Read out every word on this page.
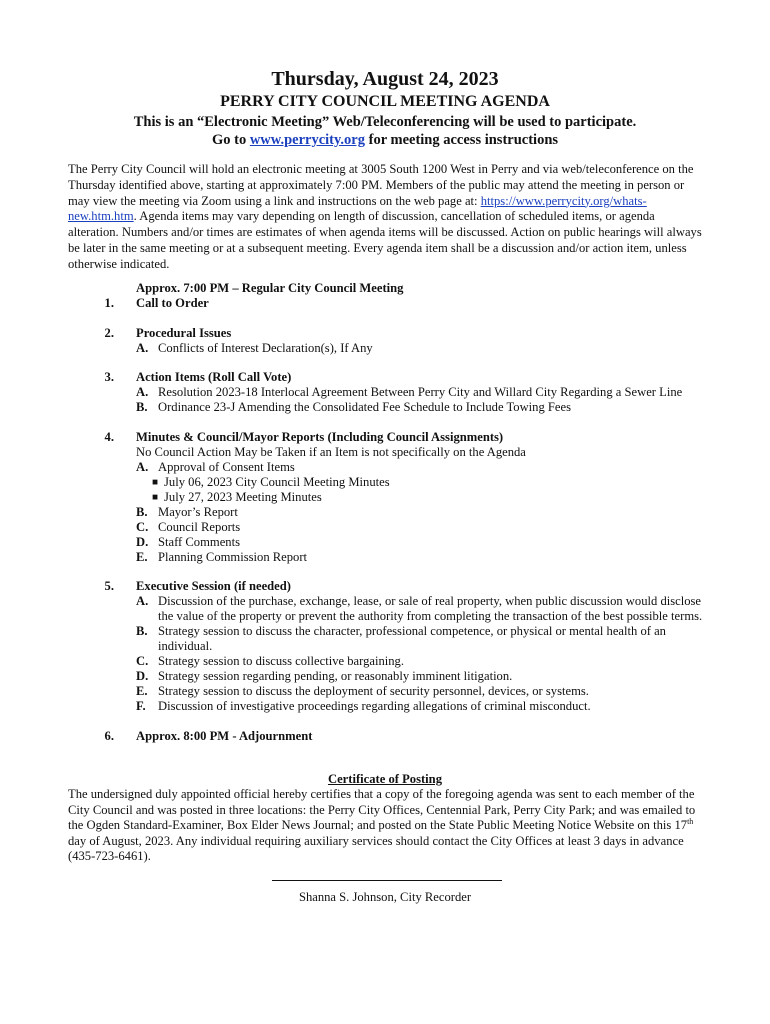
Thursday, August 24, 2023
PERRY CITY COUNCIL MEETING AGENDA
This is an “Electronic Meeting” Web/Teleconferencing will be used to participate.
Go to www.perrycity.org for meeting access instructions
The Perry City Council will hold an electronic meeting at 3005 South 1200 West in Perry and via web/teleconference on the Thursday identified above, starting at approximately 7:00 PM. Members of the public may attend the meeting in person or may view the meeting via Zoom using a link and instructions on the web page at: https://www.perrycity.org/whats-new.htm.htm. Agenda items may vary depending on length of discussion, cancellation of scheduled items, or agenda alteration. Numbers and/or times are estimates of when agenda items will be discussed. Action on public hearings will always be later in the same meeting or at a subsequent meeting. Every agenda item shall be a discussion and/or action item, unless otherwise indicated.
Approx. 7:00 PM – Regular City Council Meeting
1.	Call to Order
2.	Procedural Issues
A. Conflicts of Interest Declaration(s), If Any
3.	Action Items (Roll Call Vote)
A. Resolution 2023-18 Interlocal Agreement Between Perry City and Willard City Regarding a Sewer Line
B. Ordinance 23-J Amending the Consolidated Fee Schedule to Include Towing Fees
4.	Minutes & Council/Mayor Reports (Including Council Assignments)
No Council Action May be Taken if an Item is not specifically on the Agenda
A. Approval of Consent Items
■ July 06, 2023 City Council Meeting Minutes
■ July 27, 2023 Meeting Minutes
B. Mayor’s Report
C. Council Reports
D. Staff Comments
E. Planning Commission Report
5.	Executive Session (if needed)
A. Discussion of the purchase, exchange, lease, or sale of real property, when public discussion would disclose the value of the property or prevent the authority from completing the transaction of the best possible terms.
B. Strategy session to discuss the character, professional competence, or physical or mental health of an individual.
C. Strategy session to discuss collective bargaining.
D. Strategy session regarding pending, or reasonably imminent litigation.
E. Strategy session to discuss the deployment of security personnel, devices, or systems.
F. Discussion of investigative proceedings regarding allegations of criminal misconduct.
6.	Approx. 8:00 PM - Adjournment
Certificate of Posting
The undersigned duly appointed official hereby certifies that a copy of the foregoing agenda was sent to each member of the City Council and was posted in three locations: the Perry City Offices, Centennial Park, Perry City Park; and was emailed to the Ogden Standard-Examiner, Box Elder News Journal; and posted on the State Public Meeting Notice Website on this 17th day of August, 2023. Any individual requiring auxiliary services should contact the City Offices at least 3 days in advance (435-723-6461).
Shanna S. Johnson, City Recorder
